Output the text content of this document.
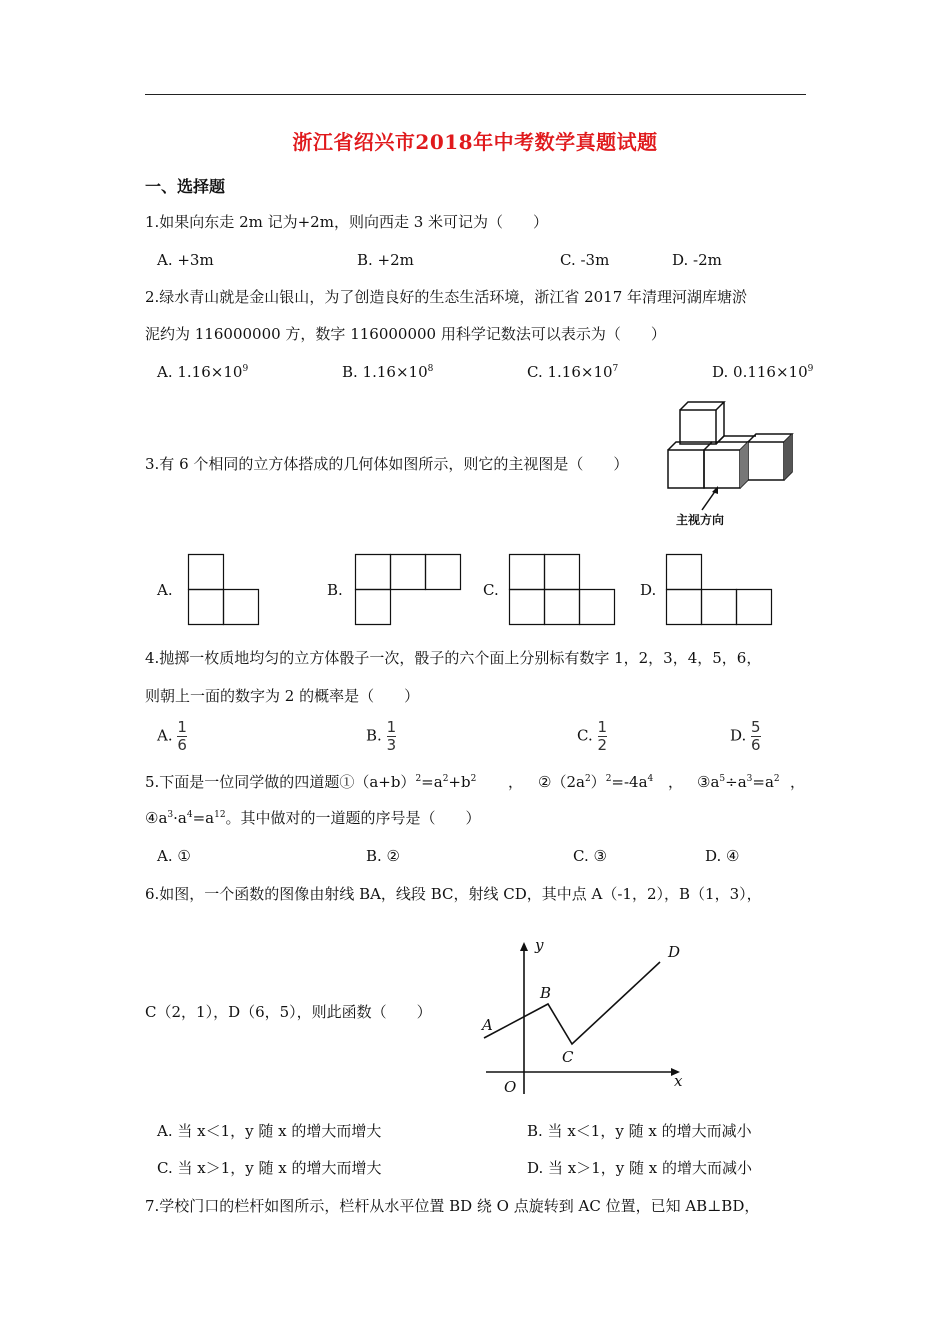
浙江省绍兴市2018年中考数学真题试题
一、选择题
1.如果向东走 2m 记为+2m，则向西走 3 米可记为（　　）
A. +3m	B. +2m	C. -3m	D. -2m
2.绿水青山就是金山银山，为了创造良好的生态生活环境，浙江省 2017 年清理河湖库塘淤
泥约为 116000000 方，数字 116000000 用科学记数法可以表示为（　　）
A. $1.16\times 10^9$	B. $1.16\times 10^8$	C. $1.16\times 10^7$	D. $0.116\times 10^9$
3.有 6 个相同的立方体搭成的几何体如图所示，则它的主视图是（　　）
主视方向
A.	B.	C.	D.
4.抛掷一枚质地均匀的立方体骰子一次，骰子的六个面上分别标有数字 1，2，3，4，5，6，
则朝上一面的数字为 2 的概率是（　　）
A. $\frac{1}{6}$	B. $\frac{1}{3}$	C. $\frac{1}{2}$	D. $\frac{5}{6}$
5.下面是一位同学做的四道题$①(a+b)^2=a^2+b^2$ ， $②(2a^2)^2=-4a^4$ ， $③a^5\div a^3=a^2$ ，
$④a^3\cdot a^4=a^{12}$。其中做对的一道题的序号是（　　）
A. ①	B. ②	C. ③	D. ④
6.如图，一个函数的图像由射线 BA，线段 BC，射线 CD，其中点 A（-1，2），B（1，3），
C（2，1），D（6，5），则此函数（　　）
y
x
O
A
B
C
D
A. 当 x＜1，y 随 x 的增大而增大	B. 当 x＜1，y 随 x 的增大而减小
C. 当 x＞1，y 随 x 的增大而增大	D. 当 x＞1，y 随 x 的增大而减小
7.学校门口的栏杆如图所示，栏杆从水平位置 BD 绕 O 点旋转到 AC 位置，已知 AB⊥BD，
